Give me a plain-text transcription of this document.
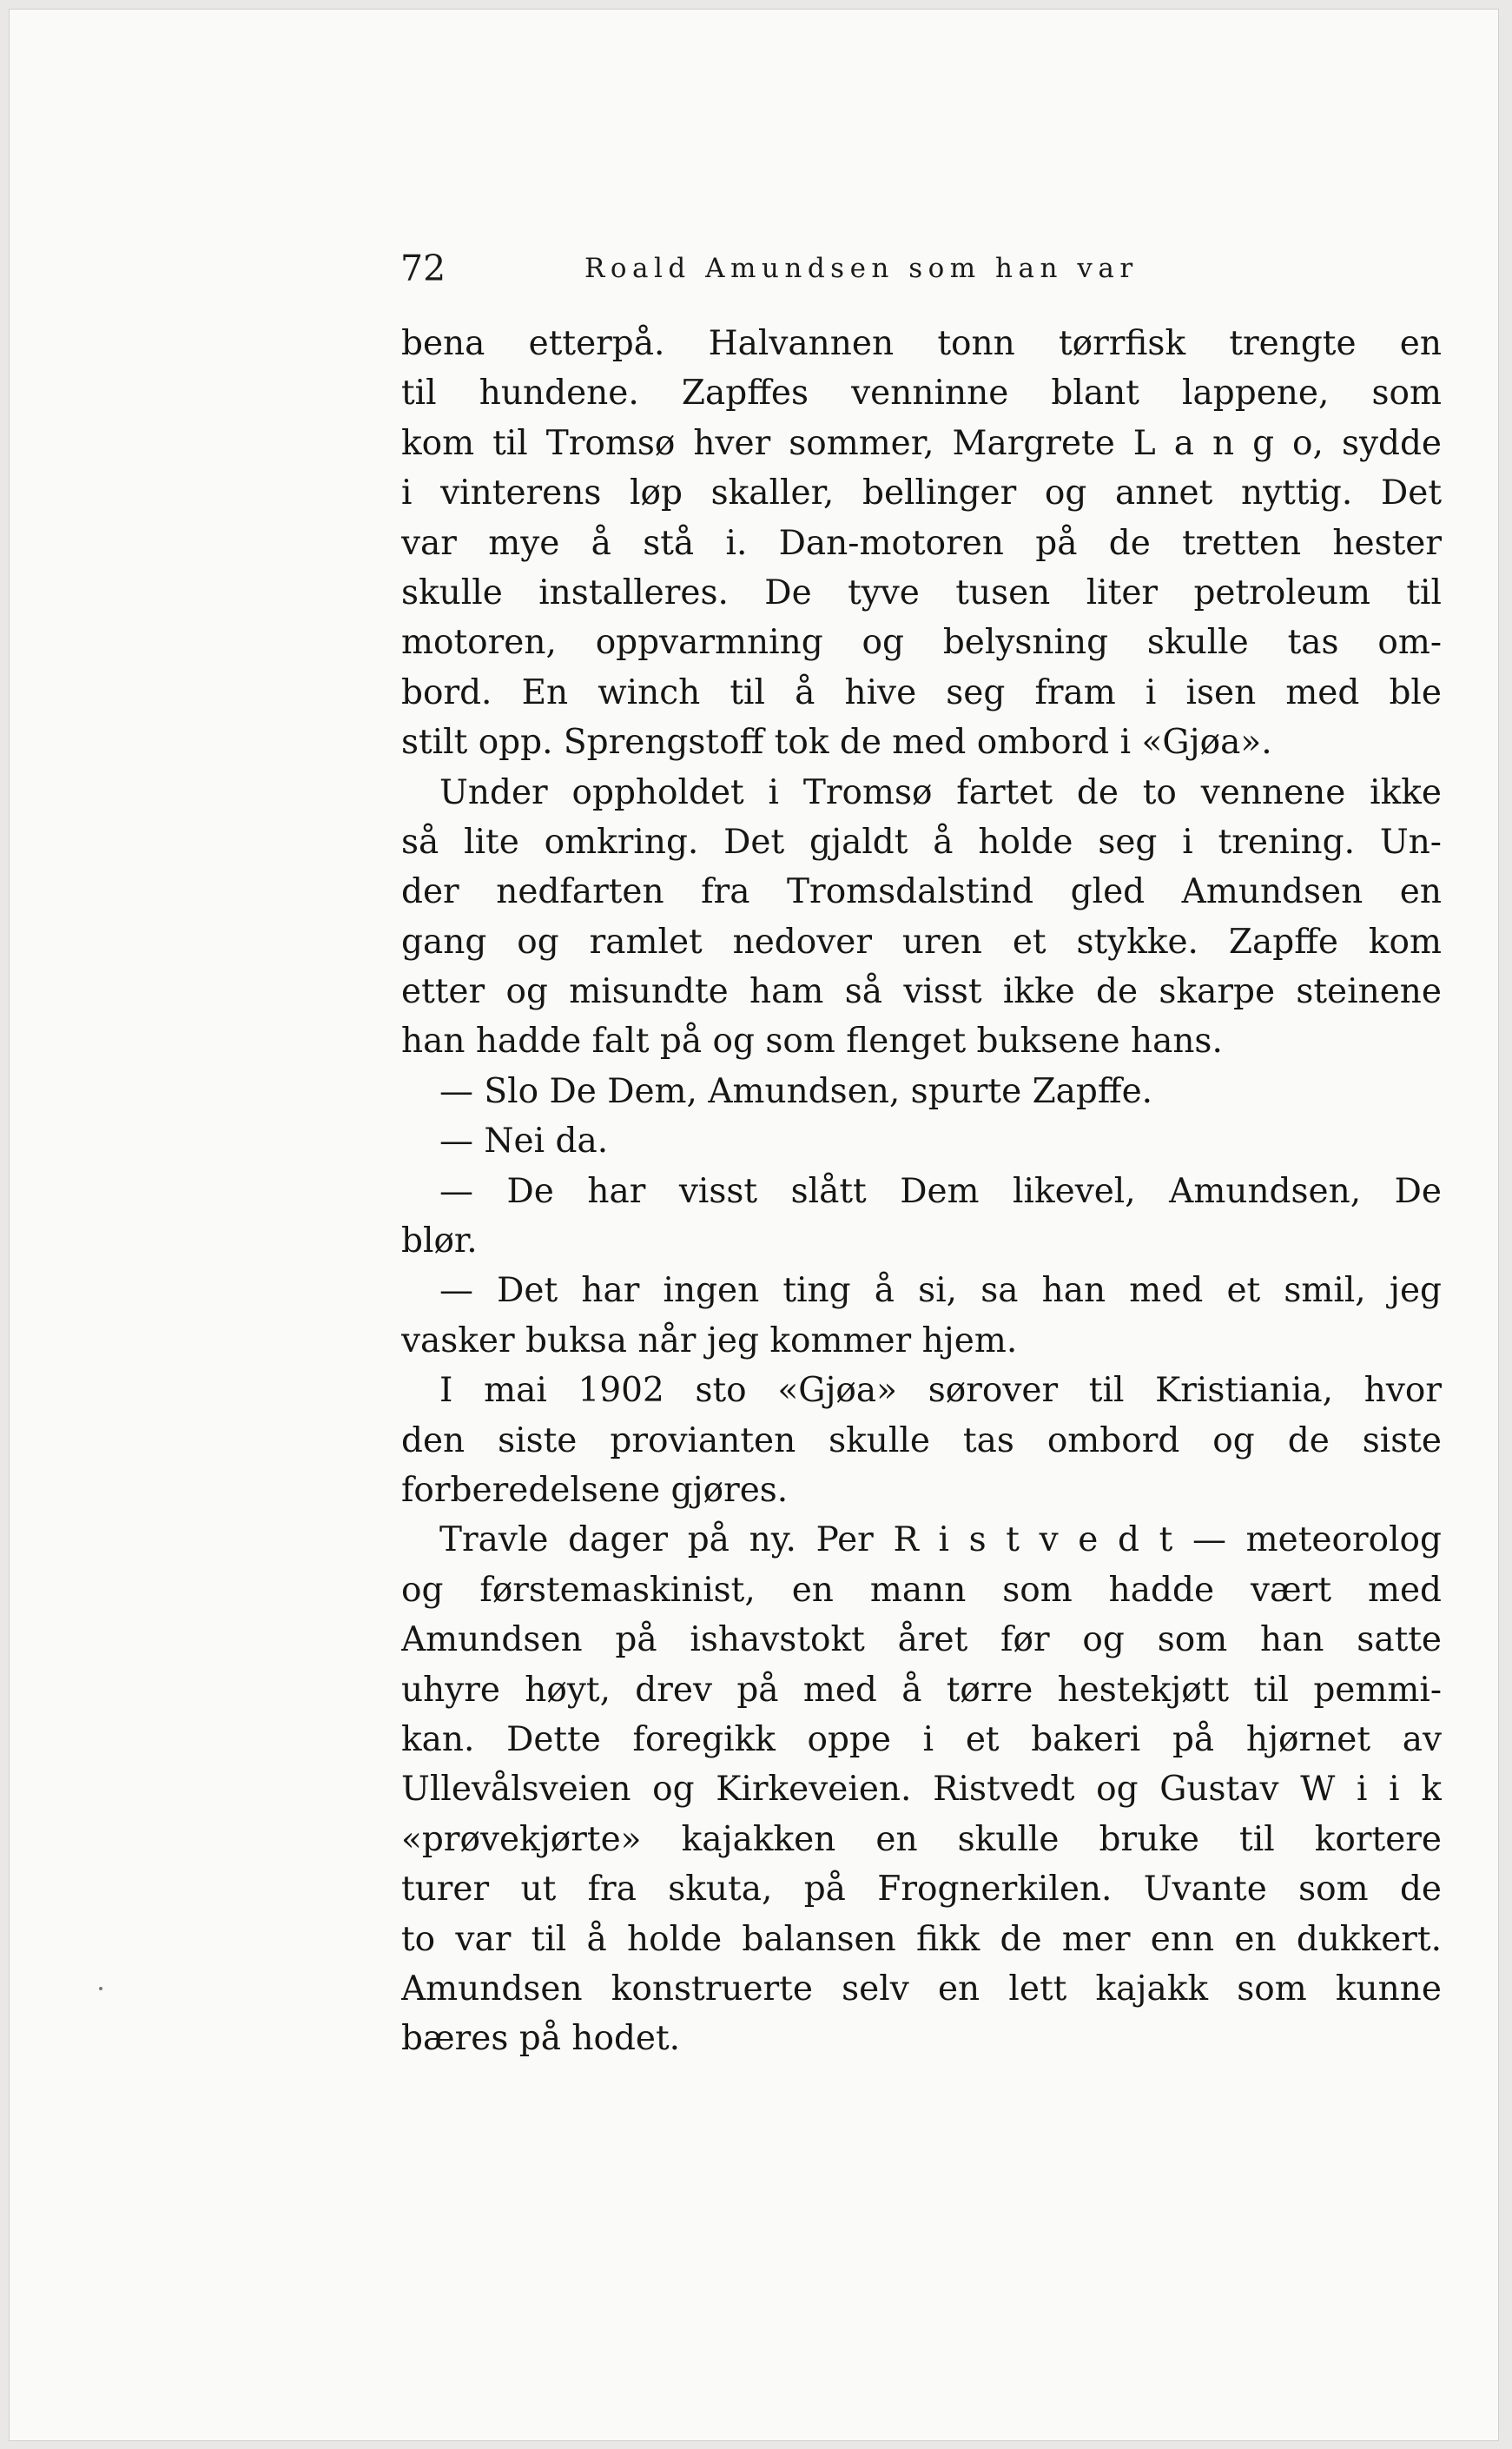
72	Roald Amundsen som han var
bena etterpå. Halvannen tonn tørrfisk trengte en
til hundene. Zapffes venninne blant lappene, som
kom til Tromsø hver sommer, Margrete L a n g o, sydde
i vinterens løp skaller, bellinger og annet nyttig. Det
var mye å stå i. Dan-motoren på de tretten hester
skulle installeres. De tyve tusen liter petroleum til
motoren, oppvarmning og belysning skulle tas om-
bord. En winch til å hive seg fram i isen med ble
stilt opp. Sprengstoff tok de med ombord i «Gjøa».
Under oppholdet i Tromsø fartet de to vennene ikke
så lite omkring. Det gjaldt å holde seg i trening. Un-
der nedfarten fra Tromsdalstind gled Amundsen en
gang og ramlet nedover uren et stykke. Zapffe kom
etter og misundte ham så visst ikke de skarpe steinene
han hadde falt på og som flenget buksene hans.
— Slo De Dem, Amundsen, spurte Zapffe.
— Nei da.
— De har visst slått Dem likevel, Amundsen, De
blør.
— Det har ingen ting å si, sa han med et smil, jeg
vasker buksa når jeg kommer hjem.
I mai 1902 sto «Gjøa» sørover til Kristiania, hvor
den siste provianten skulle tas ombord og de siste
forberedelsene gjøres.
Travle dager på ny. Per R i s t v e d t — meteorolog
og førstemaskinist, en mann som hadde vært med
Amundsen på ishavstokt året før og som han satte
uhyre høyt, drev på med å tørre hestekjøtt til pemmi-
kan. Dette foregikk oppe i et bakeri på hjørnet av
Ullevålsveien og Kirkeveien. Ristvedt og Gustav W i i k
«prøvekjørte» kajakken en skulle bruke til kortere
turer ut fra skuta, på Frognerkilen. Uvante som de
to var til å holde balansen fikk de mer enn en dukkert.
Amundsen konstruerte selv en lett kajakk som kunne
bæres på hodet.
